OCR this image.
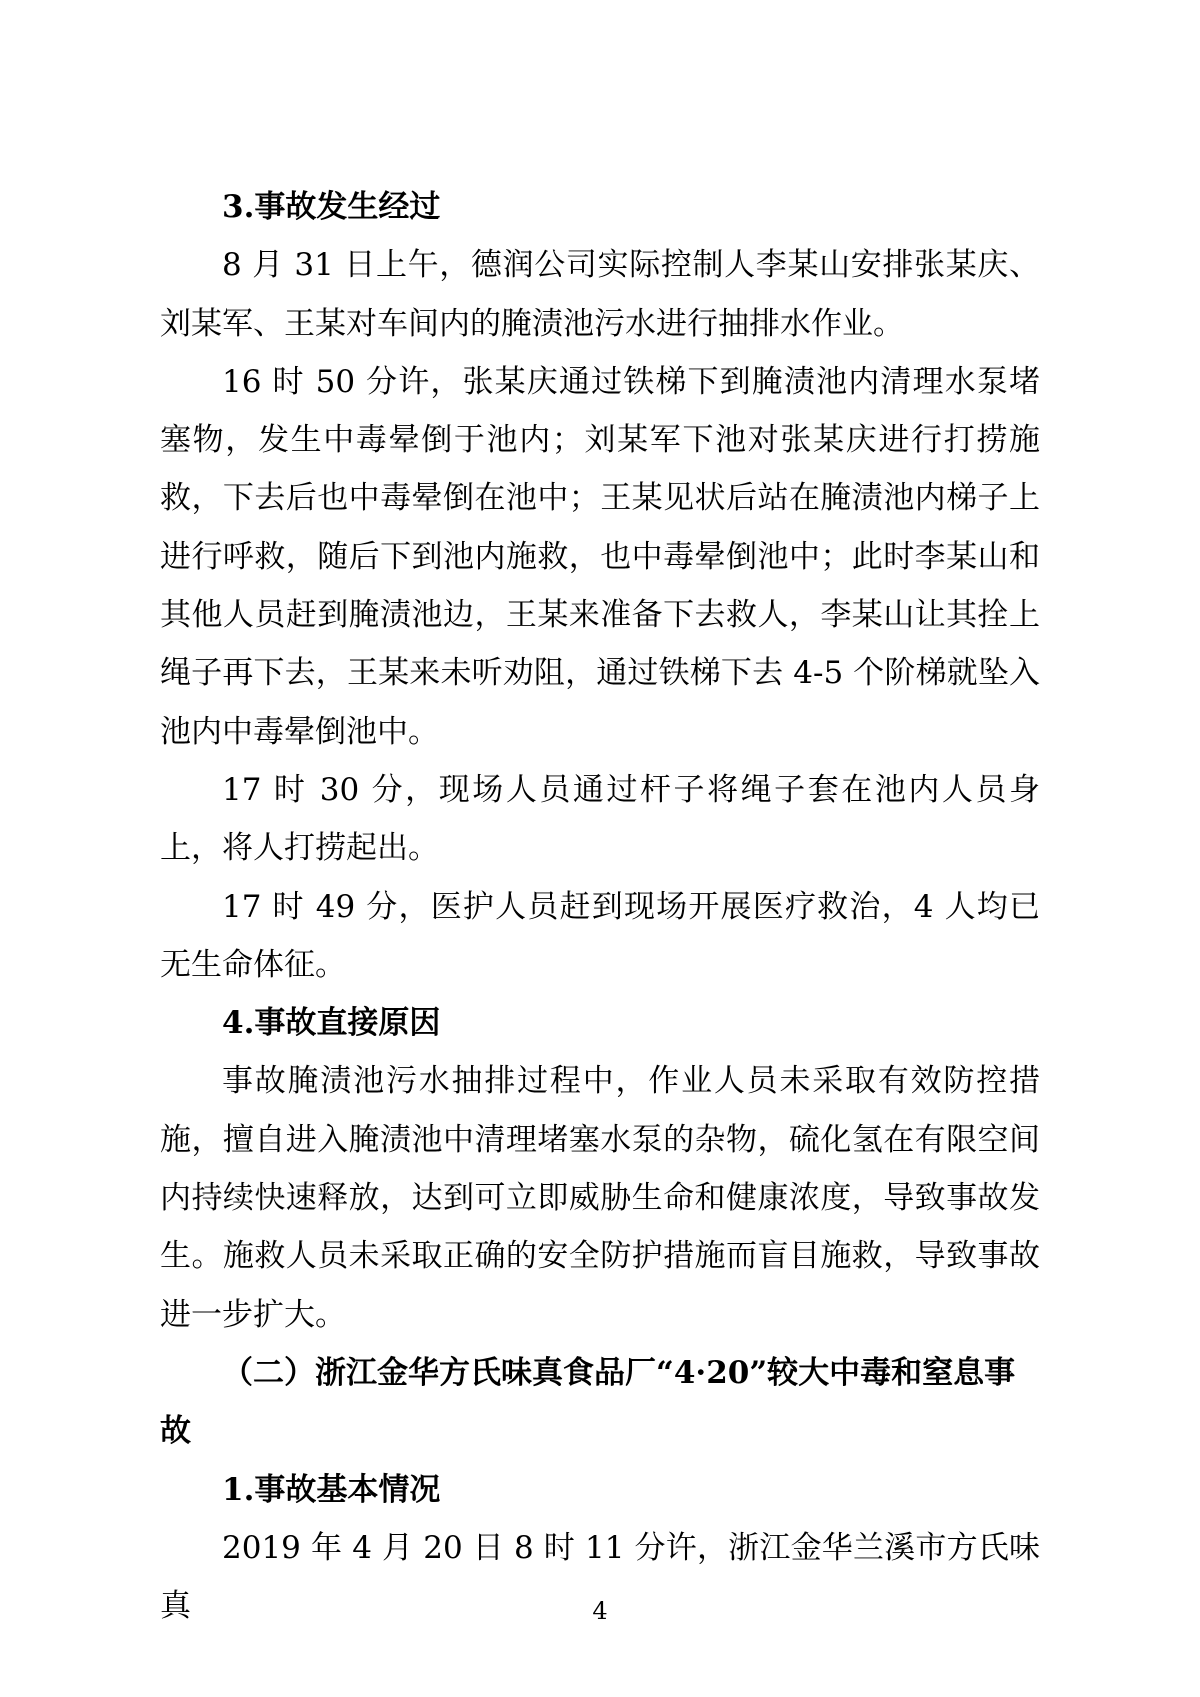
3.事故发生经过

8 月 31 日上午，德润公司实际控制人李某山安排张某庆、刘某军、王某对车间内的腌渍池污水进行抽排水作业。

16 时 50 分许，张某庆通过铁梯下到腌渍池内清理水泵堵塞物，发生中毒晕倒于池内；刘某军下池对张某庆进行打捞施救，下去后也中毒晕倒在池中；王某见状后站在腌渍池内梯子上进行呼救，随后下到池内施救，也中毒晕倒池中；此时李某山和其他人员赶到腌渍池边，王某来准备下去救人，李某山让其拴上绳子再下去，王某来未听劝阻，通过铁梯下去 4-5 个阶梯就坠入池内中毒晕倒池中。

17 时 30 分，现场人员通过杆子将绳子套在池内人员身上，将人打捞起出。

17 时 49 分，医护人员赶到现场开展医疗救治，4 人均已无生命体征。

4.事故直接原因

事故腌渍池污水抽排过程中，作业人员未采取有效防控措施，擅自进入腌渍池中清理堵塞水泵的杂物，硫化氢在有限空间内持续快速释放，达到可立即威胁生命和健康浓度，导致事故发生。施救人员未采取正确的安全防护措施而盲目施救，导致事故进一步扩大。

（二）浙江金华方氏味真食品厂“4·20”较大中毒和窒息事故

1.事故基本情况

2019 年 4 月 20 日 8 时 11 分许，浙江金华兰溪市方氏味真	4
